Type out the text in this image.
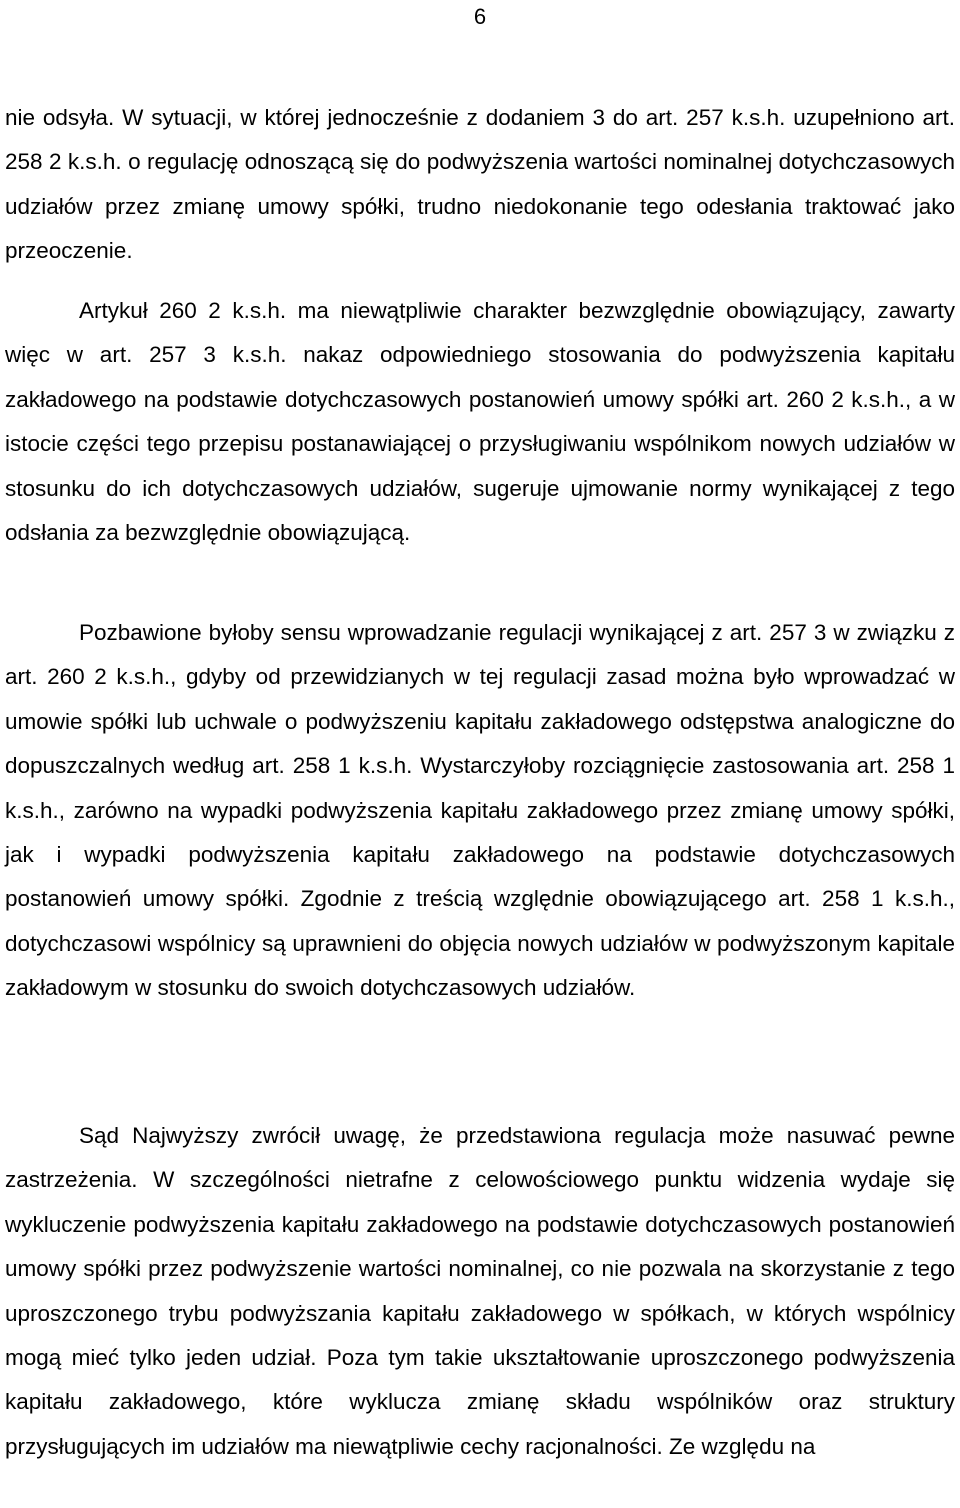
6

nie odsyła. W sytuacji, w której jednocześnie z dodaniem 3 do art. 257 k.s.h. uzupełniono art. 258 2 k.s.h. o regulację odnoszącą się do podwyższenia wartości nominalnej dotychczasowych udziałów przez zmianę umowy spółki, trudno niedokonanie tego odesłania traktować jako przeoczenie.

Artykuł 260 2 k.s.h. ma niewątpliwie charakter bezwzględnie obowiązujący, zawarty więc w art. 257 3 k.s.h. nakaz odpowiedniego stosowania do podwyższenia kapitału zakładowego na podstawie dotychczasowych postanowień umowy spółki art. 260 2 k.s.h., a w istocie części tego przepisu postanawiającej o przysługiwaniu wspólnikom nowych udziałów w stosunku do ich dotychczasowych udziałów, sugeruje ujmowanie normy wynikającej z tego odsłania za bezwzględnie obowiązującą.

Pozbawione byłoby sensu wprowadzanie regulacji wynikającej z art. 257 3 w związku z art. 260 2 k.s.h., gdyby od przewidzianych w tej regulacji zasad można było wprowadzać w umowie spółki lub uchwale o podwyższeniu kapitału zakładowego odstępstwa analogiczne do dopuszczalnych według art. 258 1 k.s.h. Wystarczyłoby rozciągnięcie zastosowania art. 258 1 k.s.h., zarówno na wypadki podwyższenia kapitału zakładowego przez zmianę umowy spółki, jak i wypadki podwyższenia kapitału zakładowego na podstawie dotychczasowych postanowień umowy spółki. Zgodnie z treścią względnie obowiązującego art. 258 1 k.s.h., dotychczasowi wspólnicy są uprawnieni do objęcia nowych udziałów w podwyższonym kapitale zakładowym w stosunku do swoich dotychczasowych udziałów.

Sąd Najwyższy zwrócił uwagę, że przedstawiona regulacja może nasuwać pewne zastrzeżenia. W szczególności nietrafne z celowościowego punktu widzenia wydaje się wykluczenie podwyższenia kapitału zakładowego na podstawie dotychczasowych postanowień umowy spółki przez podwyższenie wartości nominalnej, co nie pozwala na skorzystanie z tego uproszczonego trybu podwyższania kapitału zakładowego w spółkach, w których wspólnicy mogą mieć tylko jeden udział. Poza tym takie ukształtowanie uproszczonego podwyższenia kapitału zakładowego, które wyklucza zmianę składu wspólników oraz struktury przysługujących im udziałów ma niewątpliwie cechy racjonalności. Ze względu na
